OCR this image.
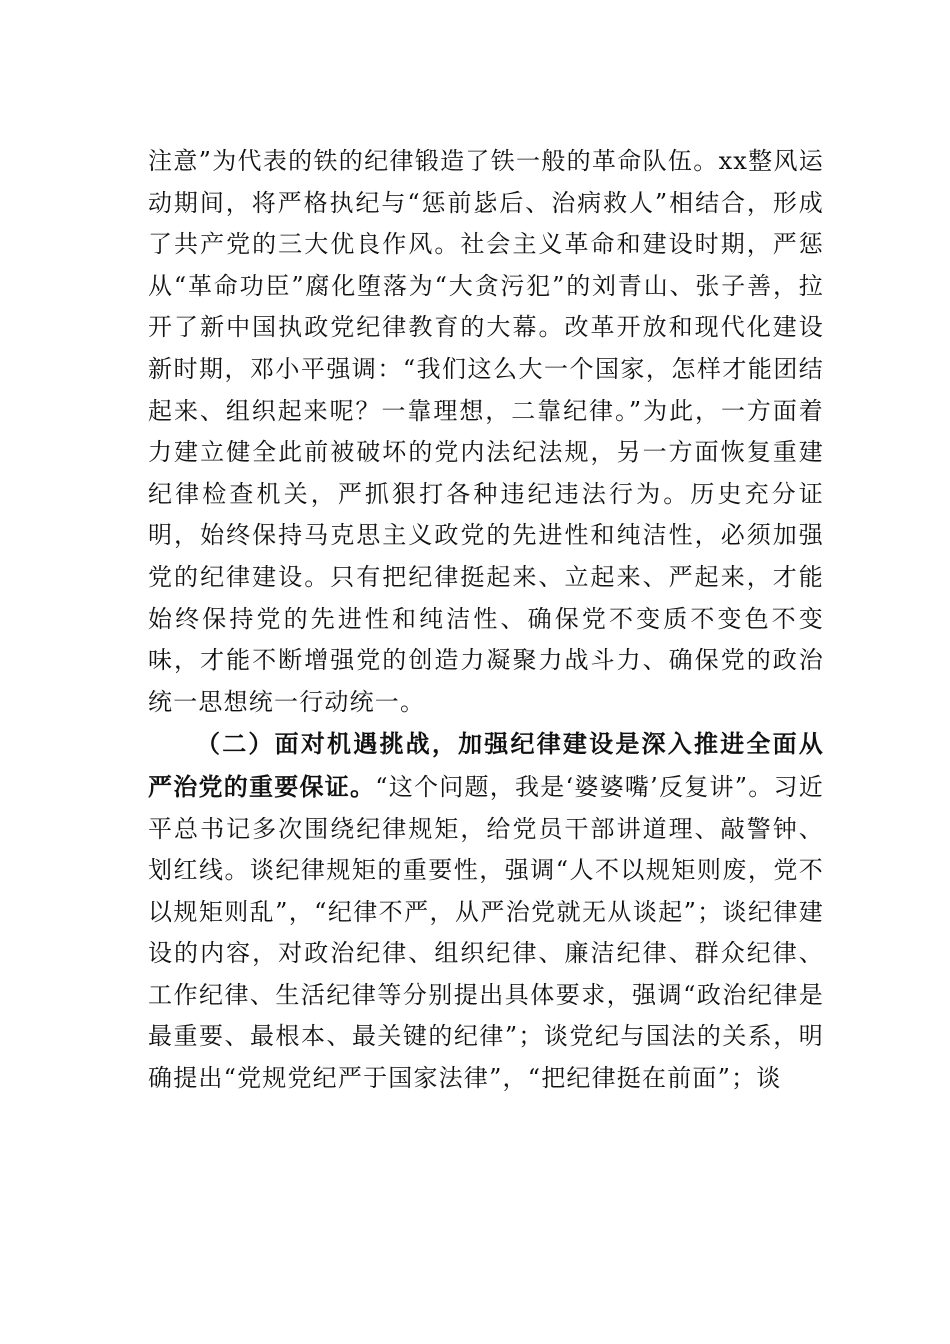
注意”为代表的铁的纪律锻造了铁一般的革命队伍。xx整风运动期间，将严格执纪与“惩前毖后、治病救人”相结合，形成了共产党的三大优良作风。社会主义革命和建设时期，严惩从“革命功臣”腐化堕落为“大贪污犯”的刘青山、张子善，拉开了新中国执政党纪律教育的大幕。改革开放和现代化建设新时期，邓小平强调：“我们这么大一个国家，怎样才能团结起来、组织起来呢？一靠理想，二靠纪律。”为此，一方面着力建立健全此前被破坏的党内法纪法规，另一方面恢复重建纪律检查机关，严抓狠打各种违纪违法行为。历史充分证明，始终保持马克思主义政党的先进性和纯洁性，必须加强党的纪律建设。只有把纪律挺起来、立起来、严起来，才能始终保持党的先进性和纯洁性、确保党不变质不变色不变味，才能不断增强党的创造力凝聚力战斗力、确保党的政治统一思想统一行动统一。

（二）面对机遇挑战，加强纪律建设是深入推进全面从严治党的重要保证。“这个问题，我是‘婆婆嘴’反复讲”。习近平总书记多次围绕纪律规矩，给党员干部讲道理、敲警钟、划红线。谈纪律规矩的重要性，强调“人不以规矩则废，党不以规矩则乱”，“纪律不严，从严治党就无从谈起”；谈纪律建设的内容，对政治纪律、组织纪律、廉洁纪律、群众纪律、工作纪律、生活纪律等分别提出具体要求，强调“政治纪律是最重要、最根本、最关键的纪律”；谈党纪与国法的关系，明确提出“党规党纪严于国家法律”，“把纪律挺在前面”；谈
